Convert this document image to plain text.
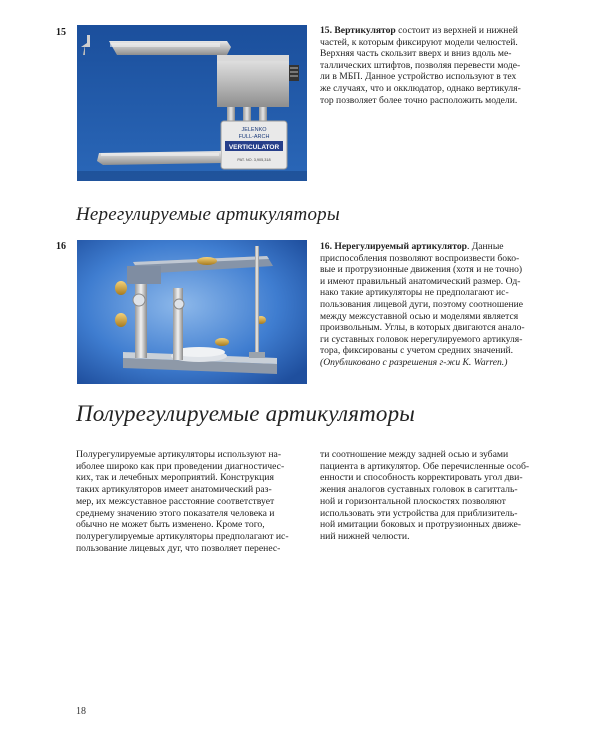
15
JELENKO
FULL-ARCH
VERTICULATOR
PAT. NO. 3,905,318
15. Вертикулятор состоит из верхней и нижней
частей, к которым фиксируют модели челюстей.
Верхняя часть скользит вверх и вниз вдоль ме-
таллических штифтов, позволяя перевести моде-
ли в МБП. Данное устройство используют в тех
же случаях, что и окклюдатор, однако вертикуля-
тор позволяет более точно расположить модели.
Нерегулируемые артикуляторы
16	16. Нерегулируемый артикулятор. Данные
приспособления позволяют воспроизвести боко-
вые и протрузионные движения (хотя и не точно)
и имеют правильный анатомический размер. Од-
нако такие артикуляторы не предполагают ис-
пользования лицевой дуги, поэтому соотношение
между межсуставной осью и моделями является
произвольным. Углы, в которых двигаются анало-
ги суставных головок нерегулируемого артикуля-
тора, фиксированы с учетом средних значений.
(Опубликовано с разрешения г-жи K. Warren.)
Полурегулируемые артикуляторы
Полурегулируемые артикуляторы используют на-
иболее широко как при проведении диагностичес-
ких, так и лечебных мероприятий. Конструкция
таких артикуляторов имеет анатомический раз-
мер, их межсуставное расстояние соответствует
среднему значению этого показателя человека и
обычно не может быть изменено. Кроме того,
полурегулируемые артикуляторы предполагают ис-
пользование лицевых дуг, что позволяет перенес-
ти соотношение между задней осью и зубами
пациента в артикулятор. Обе перечисленные особ-
енности и способность корректировать угол дви-
жения аналогов суставных головок в сагитталь-
ной и горизонтальной плоскостях позволяют
использовать эти устройства для приблизитель-
ной имитации боковых и протрузионных движе-
ний нижней челюсти.
18
